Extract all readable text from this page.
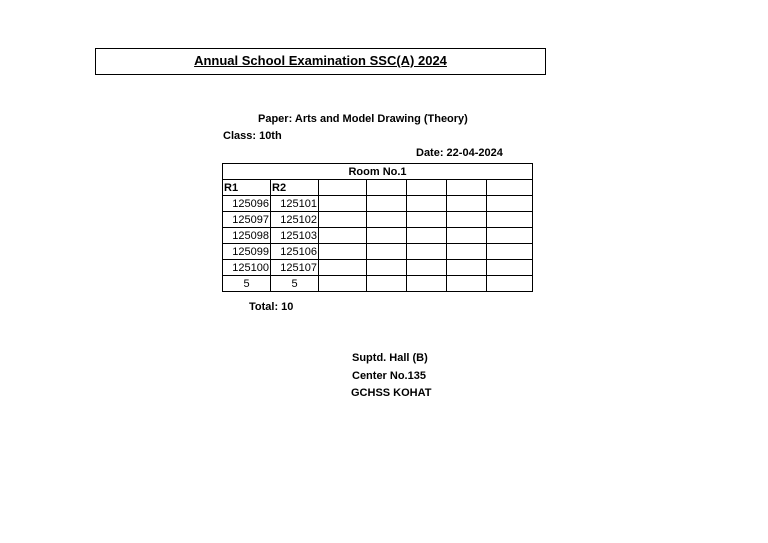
Annual School Examination SSC(A) 2024
Paper: Arts and Model Drawing (Theory)
Class: 10th
Date: 22-04-2024
Room No.1						
R1	R2					
125096	125101					
125097	125102					
125098	125103					
125099	125106					
125100	125107					
5	5					
Total: 10
Suptd. Hall (B)
Center No.135
GCHSS KOHAT
